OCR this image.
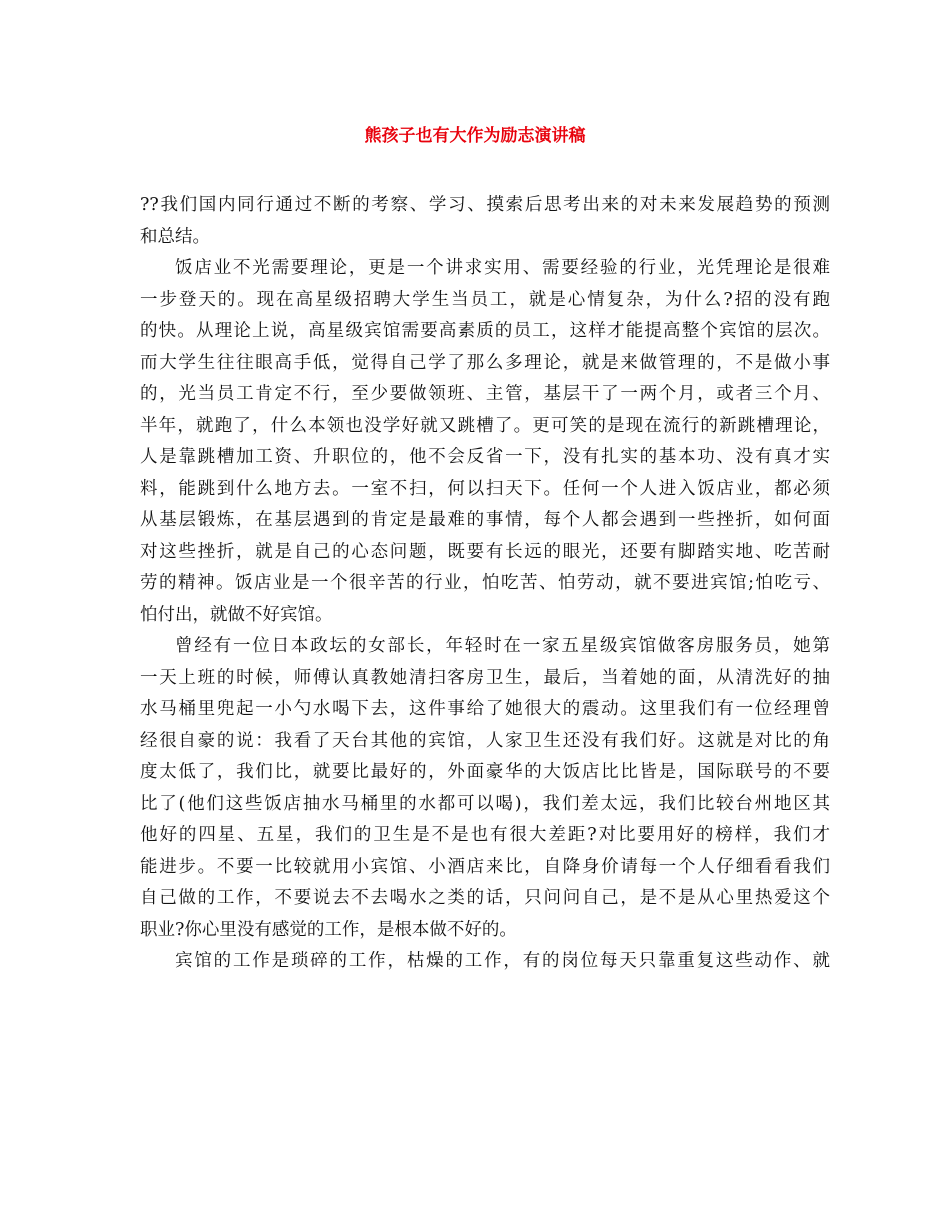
熊孩子也有大作为励志演讲稿
??我们国内同行通过不断的考察、学习、摸索后思考出来的对未来发展趋势的预测
和总结。
饭店业不光需要理论，更是一个讲求实用、需要经验的行业，光凭理论是很难
一步登天的。现在高星级招聘大学生当员工，就是心情复杂，为什么?招的没有跑
的快。从理论上说，高星级宾馆需要高素质的员工，这样才能提高整个宾馆的层次。
而大学生往往眼高手低，觉得自己学了那么多理论，就是来做管理的，不是做小事
的，光当员工肯定不行，至少要做领班、主管，基层干了一两个月，或者三个月、
半年，就跑了，什么本领也没学好就又跳槽了。更可笑的是现在流行的新跳槽理论，
人是靠跳槽加工资、升职位的，他不会反省一下，没有扎实的基本功、没有真才实
料，能跳到什么地方去。一室不扫，何以扫天下。任何一个人进入饭店业，都必须
从基层锻炼，在基层遇到的肯定是最难的事情，每个人都会遇到一些挫折，如何面
对这些挫折，就是自己的心态问题，既要有长远的眼光，还要有脚踏实地、吃苦耐
劳的精神。饭店业是一个很辛苦的行业，怕吃苦、怕劳动，就不要进宾馆;怕吃亏、
怕付出，就做不好宾馆。
曾经有一位日本政坛的女部长，年轻时在一家五星级宾馆做客房服务员，她第
一天上班的时候，师傅认真教她清扫客房卫生，最后，当着她的面，从清洗好的抽
水马桶里兜起一小勺水喝下去，这件事给了她很大的震动。这里我们有一位经理曾
经很自豪的说：我看了天台其他的宾馆，人家卫生还没有我们好。这就是对比的角
度太低了，我们比，就要比最好的，外面豪华的大饭店比比皆是，国际联号的不要
比了(他们这些饭店抽水马桶里的水都可以喝)，我们差太远，我们比较台州地区其
他好的四星、五星，我们的卫生是不是也有很大差距?对比要用好的榜样，我们才
能进步。不要一比较就用小宾馆、小酒店来比，自降身价请每一个人仔细看看我们
自己做的工作，不要说去不去喝水之类的话，只问问自己，是不是从心里热爱这个
职业?你心里没有感觉的工作，是根本做不好的。
宾馆的工作是琐碎的工作，枯燥的工作，有的岗位每天只靠重复这些动作、就
